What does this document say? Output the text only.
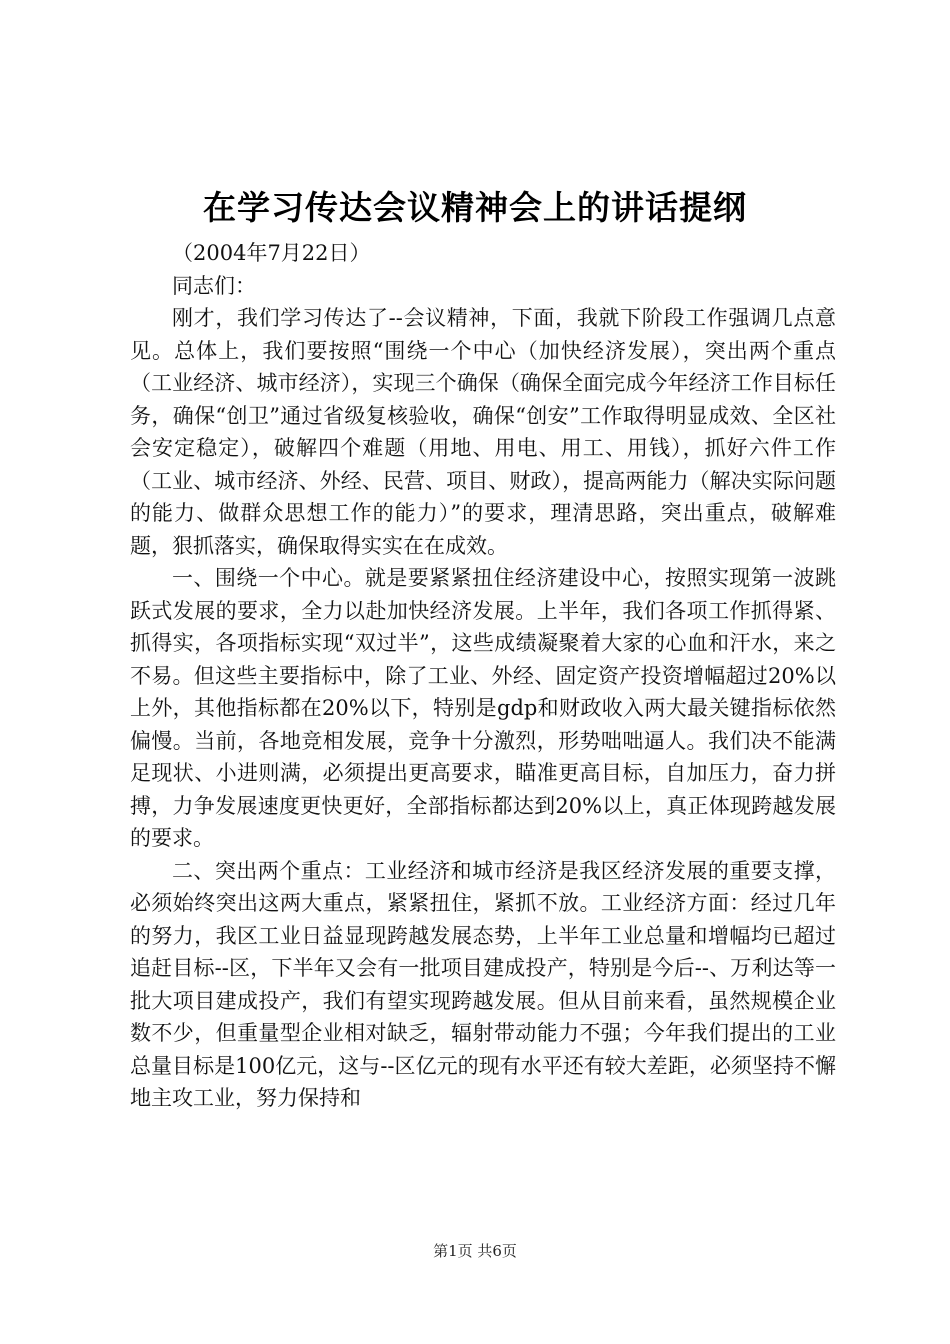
在学习传达会议精神会上的讲话提纲

（2004年7月22日）

同志们：

刚才，我们学习传达了--会议精神，下面，我就下阶段工作强调几点意见。总体上，我们要按照“围绕一个中心（加快经济发展），突出两个重点（工业经济、城市经济），实现三个确保（确保全面完成今年经济工作目标任务，确保“创卫”通过省级复核验收，确保“创安”工作取得明显成效、全区社会安定稳定），破解四个难题（用地、用电、用工、用钱），抓好六件工作（工业、城市经济、外经、民营、项目、财政），提高两能力（解决实际问题的能力、做群众思想工作的能力）”的要求，理清思路，突出重点，破解难题，狠抓落实，确保取得实实在在成效。

一、围绕一个中心。就是要紧紧扭住经济建设中心，按照实现第一波跳跃式发展的要求，全力以赴加快经济发展。上半年，我们各项工作抓得紧、抓得实，各项指标实现“双过半”，这些成绩凝聚着大家的心血和汗水，来之不易。但这些主要指标中，除了工业、外经、固定资产投资增幅超过20%以上外，其他指标都在20%以下，特别是gdp和财政收入两大最关键指标依然偏慢。当前，各地竞相发展，竞争十分激烈，形势咄咄逼人。我们决不能满足现状、小进则满，必须提出更高要求，瞄准更高目标，自加压力，奋力拼搏，力争发展速度更快更好，全部指标都达到20%以上，真正体现跨越发展的要求。

二、突出两个重点：工业经济和城市经济是我区经济发展的重要支撑，必须始终突出这两大重点，紧紧扭住，紧抓不放。工业经济方面：经过几年的努力，我区工业日益显现跨越发展态势，上半年工业总量和增幅均已超过追赶目标--区，下半年又会有一批项目建成投产，特别是今后--、万利达等一批大项目建成投产，我们有望实现跨越发展。但从目前来看，虽然规模企业数不少，但重量型企业相对缺乏，辐射带动能力不强；今年我们提出的工业总量目标是100亿元，这与--区亿元的现有水平还有较大差距，必须坚持不懈地主攻工业，努力保持和

第1页 共6页
